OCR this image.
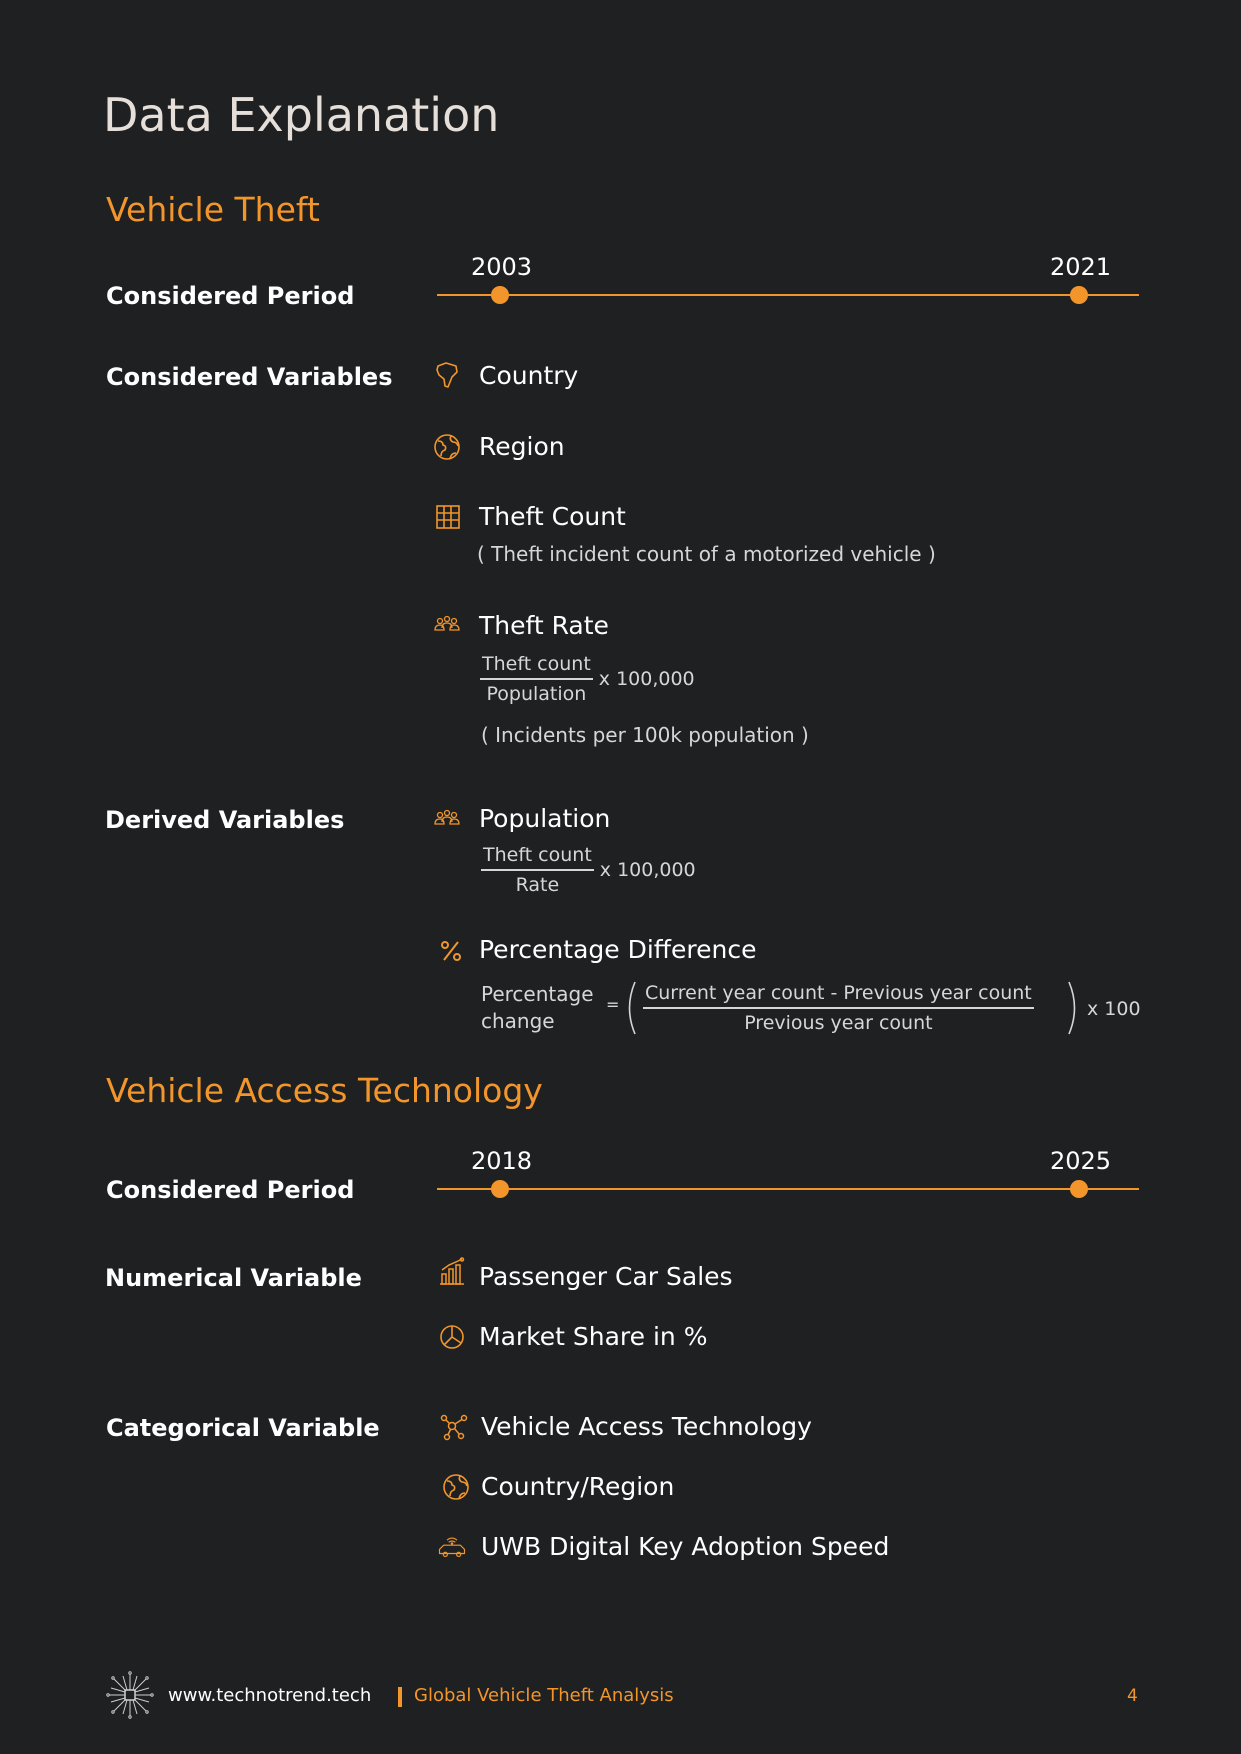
Data Explanation
Vehicle Theft
Considered Period
2003	2021
Considered Variables	Country
Region
Theft Count
( Theft incident count of a motorized vehicle )
Theft Rate
$\frac{\text{Theft count}}{\text{Population}}$ x 100,000
( Incidents per 100k population )
Derived Variables	Population
$\frac{\text{Theft count}}{\text{Rate}}$ x 100,000
Percentage Difference
Percentage
change
= $\frac{\text{Current year count - Previous year count}}{\text{Previous year count}}$	x 100
Vehicle Access Technology
Considered Period
2018	2025
Numerical Variable	Passenger Car Sales
Market Share in %
Categorical Variable	Vehicle Access Technology
Country/Region
UWB Digital Key Adoption Speed
www.technotrend.tech Global Vehicle Theft Analysis	4
